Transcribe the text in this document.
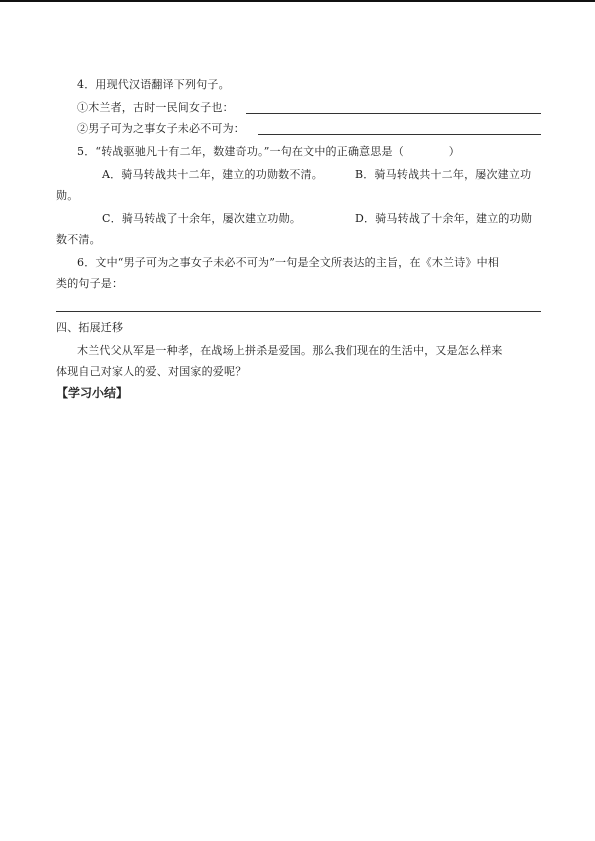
4．用现代汉语翻译下列句子。
①木兰者，古时一民间女子也：
②男子可为之事女子未必不可为：
5．“转战驱驰凡十有二年，数建奇功。”一句在文中的正确意思是（　　　　）
A．骑马转战共十二年，建立的功勋数不清。	B．骑马转战共十二年，屡次建立功
勋。
C．骑马转战了十余年，屡次建立功勋。	D．骑马转战了十余年，建立的功勋
数不清。
6．文中“男子可为之事女子未必不可为”一句是全文所表达的主旨，在《木兰诗》中相
类的句子是：
四、拓展迁移
木兰代父从军是一种孝，在战场上拼杀是爱国。那么我们现在的生活中，又是怎么样来
体现自己对家人的爱、对国家的爱呢？
【学习小结】
